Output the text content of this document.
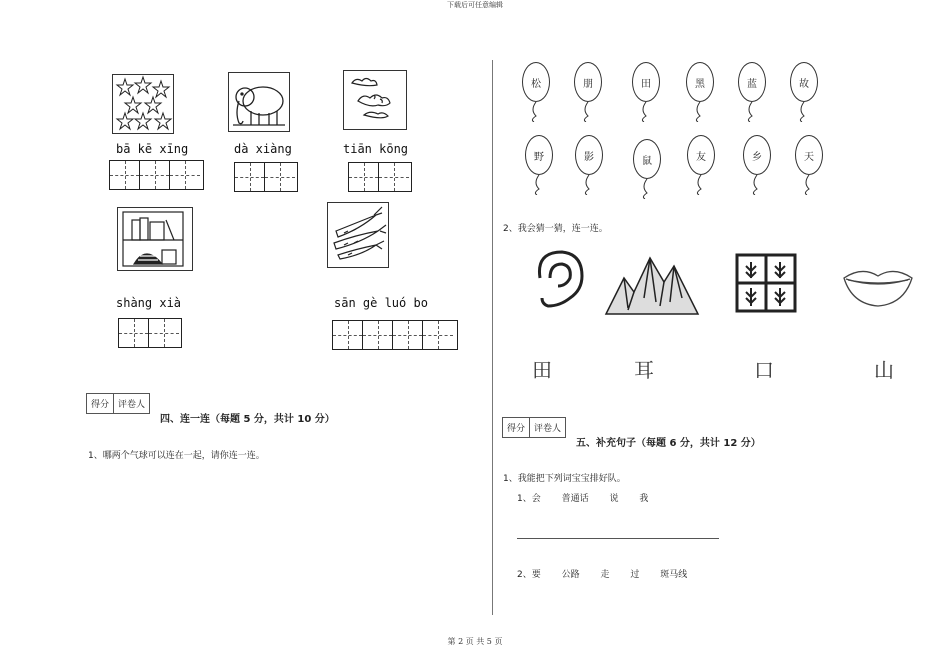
下载后可任意编辑
第 2 页 共 5 页
bā kē xīng	dà xiàng	tiān kōng
shàng xià	sān gè luó bo
得分	评卷人
四、连一连（每题 5 分，共计 10 分）
1、哪两个气球可以连在一起，请你连一连。
松	朋	田	黑	蓝	故
野	影	鼠	友	乡	天
2、我会猜一猜，连一连。
田	耳	口	山
得分	评卷人
五、补充句子（每题 6 分，共计 12 分）
1、我能把下列词宝宝排好队。
1、会 普通话 说 我
2、要 公路 走 过 斑马线
